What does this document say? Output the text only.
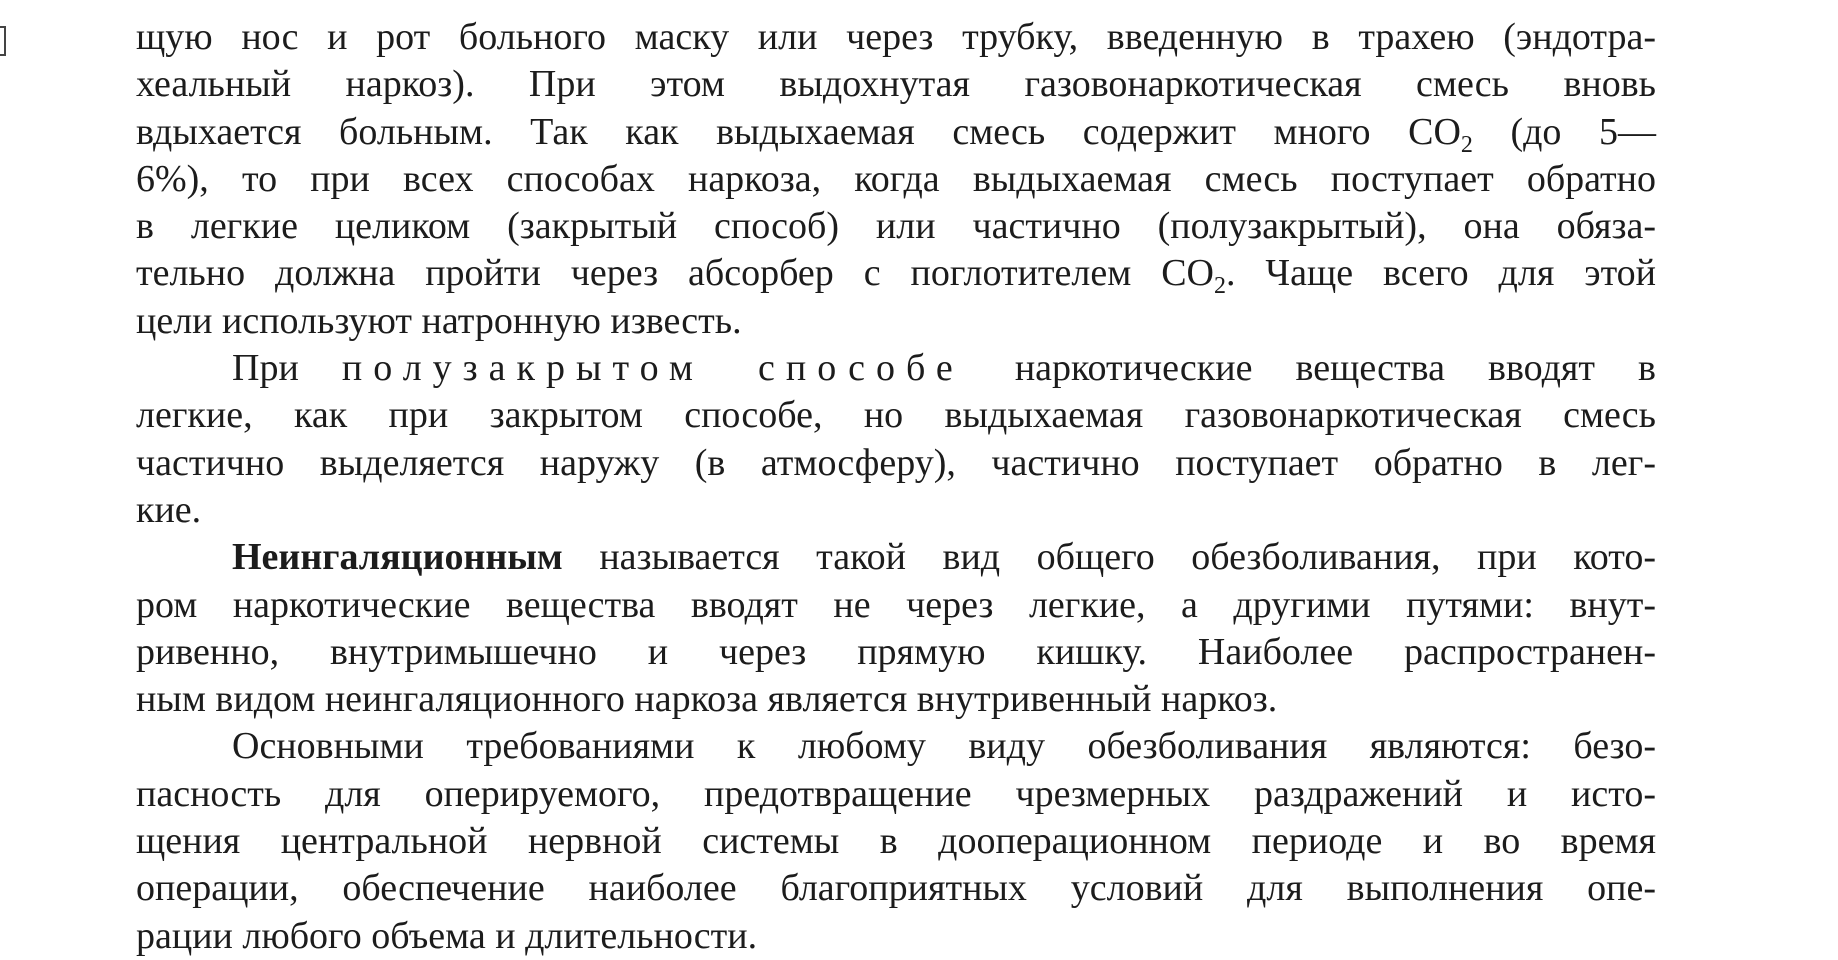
щую нос и рот больного маску или через трубку, введенную в трахею (эндотра-
хеальный наркоз). При этом выдохнутая газовонаркотическая смесь вновь
вдыхается больным. Так как выдыхаемая смесь содержит много $CO_2$ (до 5—
6%), то при всех способах наркоза, когда выдыхаемая смесь поступает обратно
в легкие целиком (закрытый способ) или частично (полузакрытый), она обяза-
тельно должна пройти через абсорбер с поглотителем $CO_2$. Чаще всего для этой
цели используют натронную известь.
При полузакрытом способе наркотические вещества вводят в
легкие, как при закрытом способе, но выдыхаемая газовонаркотическая смесь
частично выделяется наружу (в атмосферу), частично поступает обратно в лег-
кие.
Неингаляционным называется такой вид общего обезболивания, при кото-
ром наркотические вещества вводят не через легкие, а другими путями: внут-
ривенно, внутримышечно и через прямую кишку. Наиболее распространен-
ным видом неингаляционного наркоза является внутривенный наркоз.
Основными требованиями к любому виду обезболивания являются: безо-
пасность для оперируемого, предотвращение чрезмерных раздражений и исто-
щения центральной нервной системы в дооперационном периоде и во время
операции, обеспечение наиболее благоприятных условий для выполнения опе-
рации любого объема и длительности.
